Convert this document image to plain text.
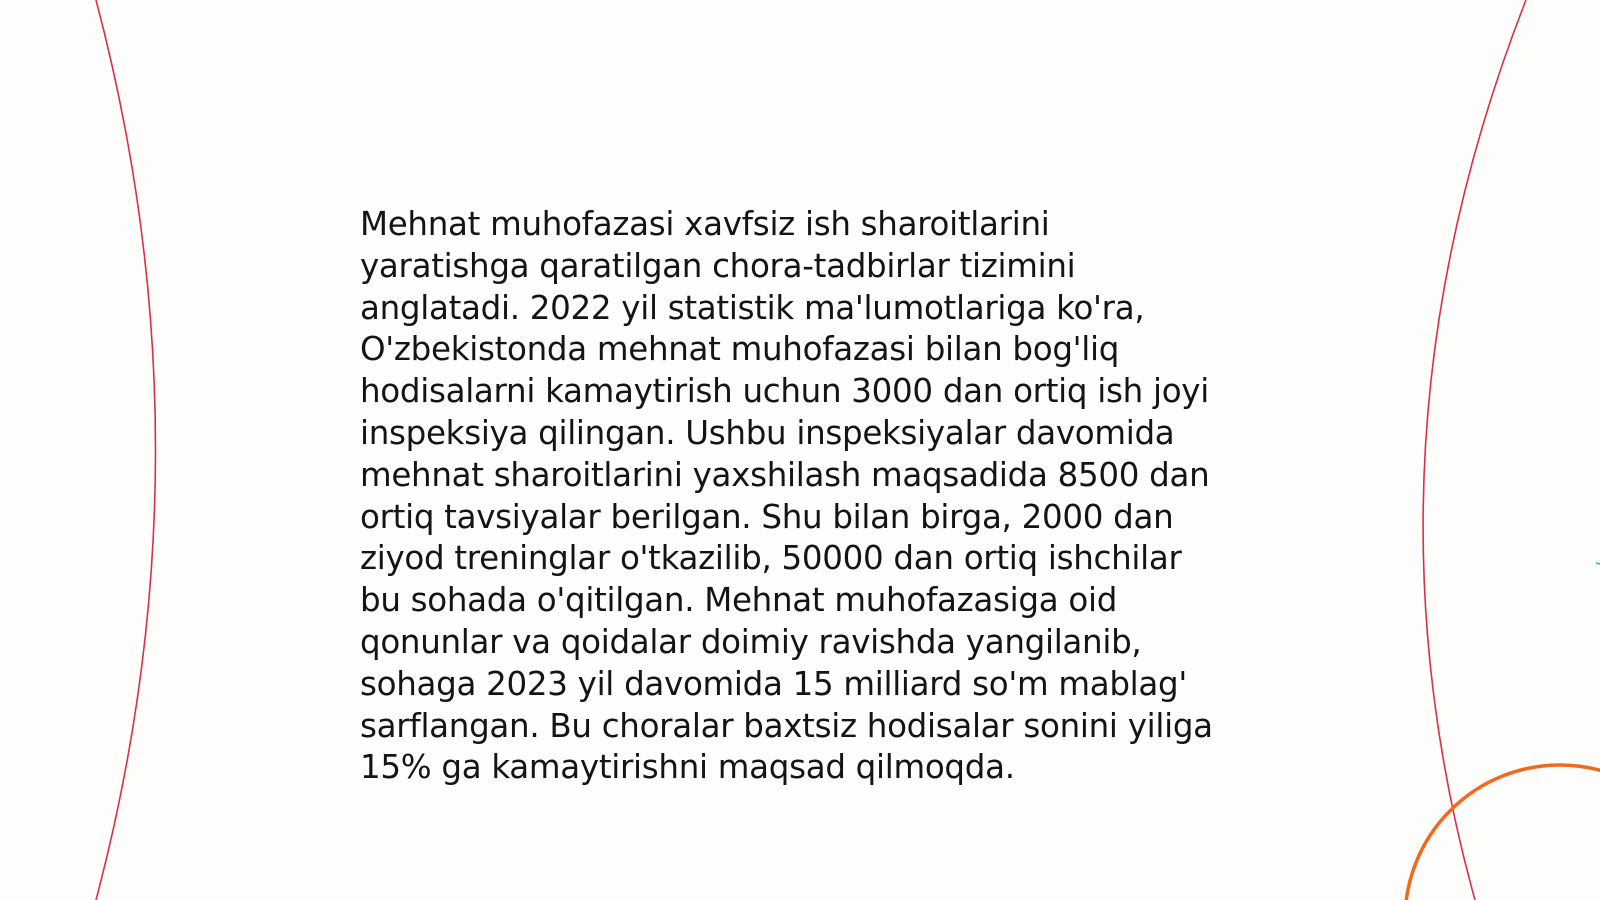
Mehnat muhofazasi xavfsiz ish sharoitlarini
yaratishga qaratilgan chora-tadbirlar tizimini
anglatadi. 2022 yil statistik ma'lumotlariga ko'ra,
O'zbekistonda mehnat muhofazasi bilan bog'liq
hodisalarni kamaytirish uchun 3000 dan ortiq ish joyi
inspeksiya qilingan. Ushbu inspeksiyalar davomida
mehnat sharoitlarini yaxshilash maqsadida 8500 dan
ortiq tavsiyalar berilgan. Shu bilan birga, 2000 dan
ziyod treninglar o'tkazilib, 50000 dan ortiq ishchilar
bu sohada o'qitilgan. Mehnat muhofazasiga oid
qonunlar va qoidalar doimiy ravishda yangilanib,
sohaga 2023 yil davomida 15 milliard so'm mablag'
sarflangan. Bu choralar baxtsiz hodisalar sonini yiliga
15% ga kamaytirishni maqsad qilmoqda.
